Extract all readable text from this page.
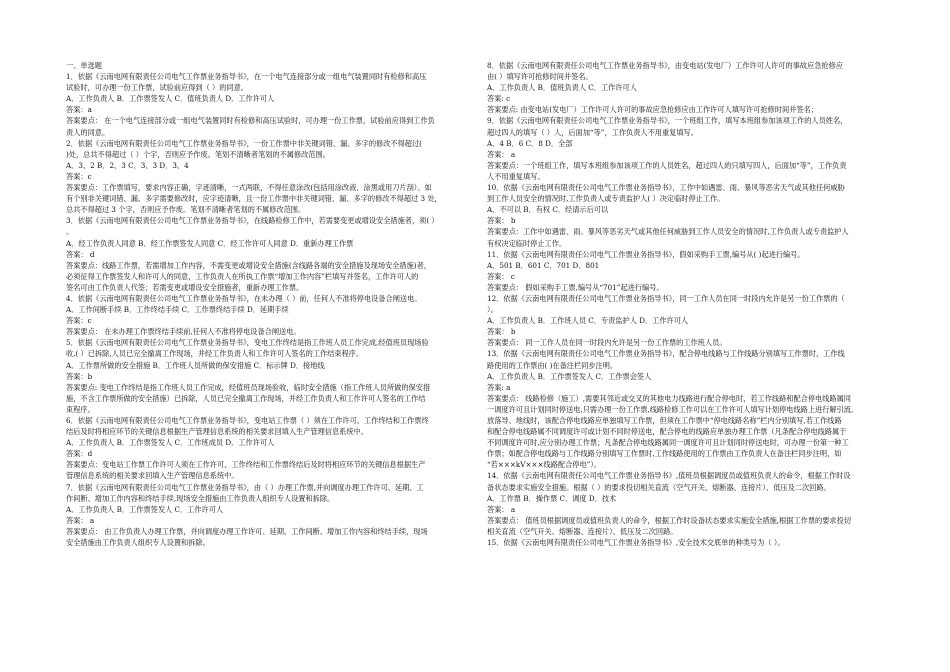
一、单选题
1．依据《云南电网有限责任公司电气工作票业务指导书》，在一个电气连接部分或一组电气装置同时有检修和高压
试验时，可办理一份工作票，试验前应得到（ ）的同意。
A．工作负责人 B．工作票签发人 C．值班负责人 D．工作许可人
答案：a
答案要点： 在一个电气连接部分或一组电气装置同时有检修和高压试验时，可办理一份工作票，试验前应得到工作负
责人的同意。
2．依据《云南电网有限责任公司电气工作票业务指导书》，一份工作票中非关键词错、漏、多字的修改不得超过(
)处，总共不得超过（ ）个字，否则应予作废。笔划不清晰者笔划的不属修改范围。
A．3、2 B．2、3 C．3、3 D．3、4
答案：c
答案要点：工作票填写，要求内容正确，字迹清晰，一式两联，不得任意涂改(包括用涂改液、涂黑或用刀片刮）。如
有个别非关键词错、漏、多字需要修改时，应字迹清晰，且一份工作票中非关键词错、漏、多字的修改不得超过 3 处，
总共不得超过 3 个字，否则应予作废。笔划不清晰者笔划的不属修改范围。
3．依据《云南电网有限责任公司电气工作票业务指导书》，在线路检修工作中，若需要变更或增设安全措施者，须( ）
。
A．经工作负责人同意 B．经工作票签发人同意 C．经工作许可人同意 D．重新办理工作票
答案： d
答案要点：线路工作票，若需增加工作内容，不需变更或增设安全措施(含线路各端的安全措施及现场安全措施)者，
必须征得工作票签发人和许可人的同意，工作负责人在所执工作票“增加工作内容”栏填写并签名，工作许可人的
签名可由工作负责人代签；若需变更或增设安全措施者，重新办理工作票。
4．依据《云南电网有限责任公司电气工作票业务指导书》，在未办理（ ）前，任何人不准将停电设备合闸送电。
A．工作间断手续 B．工作终结手续 C．工作票终结手续 D．延期手续
答案：c
答案要点： 在未办理工作票终结手续前,任何人不准将停电设备合闸送电。
5．依据《云南电网有限责任公司电气工作票业务指导书》，变电工作终结是指工作班人员工作完成,经值班员现场验
收,( ）已拆除,人员已完全撤离工作现场，并经工作负责人和工作许可人签名的工作结束程序。
A．工作票所做的安全措施 B．工作班人员所做的保安措施 C．标示牌 D．接地线
答案：b
答案要点: 变电工作终结是指工作班人员工作完成，经值班员现场验收，临时安全措施（指工作班人员所做的保安措
施，不含工作票所做的安全措施）已拆除，人员已完全撤离工作现场，并经工作负责人和工作许可人签名的工作结
束程序。
6．依据《云南电网有限责任公司电气工作票业务指导书》，变电站工作票（ ）须在工作许可、工作终结和工作票终
结后及时将相应环节的关键信息根据生产管理信息系统的相关要求回填入生产管理信息系统中。
A．工作负责人 B．工作票签发人 C．工作班成员 D．工作许可人
答案：d
答案要点：变电站工作票工作许可人须在工作许可、工作终结和工作票终结后及时将相应环节的关键信息根据生产
管理信息系统的相关要求回填入生产管理信息系统中。
7．依据《云南电网有限责任公司电气工作票业务指导书》，由（ ）办理工作票,并向调度办理工作许可、延期、工
作间断、增加工作内容和终结手续,现场安全措施由工作负责人组织专人设置和拆除。
A．工作负责人 B．工作票签发人 C．工作许可人
答案： a
答案要点： 由工作负责人办理工作票，并向调度办理工作许可、延期、工作间断、增加工作内容和终结手续，现场
安全措施由工作负责人组织专人设置和拆除。
8．依据《云南电网有限责任公司电气工作票业务指导书》，由变电站(发电厂）工作许可人许可的事故应急抢修应
由( ）填写许可抢修时间并签名。
A．工作负责人 B．值班负责人 C．工作许可人
答案: c
答案要点: 由变电站(发电厂）工作许可人许可的事故应急抢修应由工作许可人填写许可抢修时间并签名；
9．依据《云南电网有限责任公司电气工作票业务指导书》，一个班组工作，填写本班组参加该项工作的人员姓名，
超过四人的填写（ ）人，后面加“等”，工作负责人不用重复填写。
A．4 B．6 C．8 D．全部
答案： a
答案要点：一个班组工作，填写本班组参加该项工作的人员姓名，超过四人的只填写四人，后面加“等”，工作负责
人不用重复填写。
10．依据《云南电网有限责任公司电气工作票业务指导书》，工作中如遇雷、雨、暴风等恶劣天气或其他任何威胁
到工作人员安全的情况时,工作负责人或专责监护人( ）决定临时停止工作。
A．不可以 B．有权 C．经请示后可以
答案： b
答案要点：工作中如遇雷、雨、暴风等恶劣天气或其他任何威胁到工作人员安全的情况时,工作负责人或专责监护人
有权决定临时停止工作。
11．依据《云南电网有限责任公司电气工作票业务指导书》，假如采购手工票,编号从( )起进行编号。
A．501 B．601 C．701 D．801
答案： c
答案要点： 假如采购手工票,编号从“701”起进行编号。
12．依据《云南电网有限责任公司电气工作票业务指导书》，同一工作人员在同一时段内允许是另一份工作票的（
）。
A．工作负责人 B．工作班人员 C．专责监护人 D．工作许可人
答案： b
答案要点： 同一工作人员在同一时段内允许是另一份工作票的工作班人员。
13．依据《云南电网有限责任公司电气工作票业务指导书》，配合停电线路与工作线路分别填写工作票时，工作线
路使用的工作票由( )在备注栏同步注明。
A．工作负责人 B．工作票签发人 C．工作票会签人
答案: a
答案要点： 线路检修（施工）,需要其邻近或交叉的其他电力线路进行配合停电时，若工作线路和配合停电线路属同
一调度许可且计划同时停送电,只需办理一份工作票,线路检修工作可以在工作许可人填写计划停电线路上进行解引流,
放落导、地线时，该配合停电线路应单独填写工作票，但须在工作票中“停电线路名称”栏内分别填写,若工作线路
和配合停电线路属不同调度许可或计划不同时停送电，配合停电的线路应单独办理工作票（凡条配合停电线路属于
不同调度许可时,应分别办理工作票；凡条配合停电线路属同一调度许可且计划同时停送电时，可办理一份第一种工
作票；如配合停电线路与工作线路分别填写工作票时,工作线路使用的工作票由工作负责人在备注栏同步注明，如
“若×××kV×××线路配合停电”）。
14．依据《云南电网有限责任公司电气工作票业务指导书》,值班员根据调度员或值班负责人的命令，根据工作时设
备状态要求实施安全措施。根据（ ）的要求投切相关直流（空气开关、熔断器、连接片）、低压及二次回路。
A．工作票 B．操作票 C．调度 D．技术
答案： a
答案要点： 值班员根据调度员或值班负责人的命令，根据工作时设备状态要求实施安全措施,根据工作票的要求投切
相关直流（空气开关、熔断器、连接片）、低压及二次回路。
15．依据《云南电网有限责任公司电气工作票业务指导书》,安全技术交底单的种类号为（ ）。
